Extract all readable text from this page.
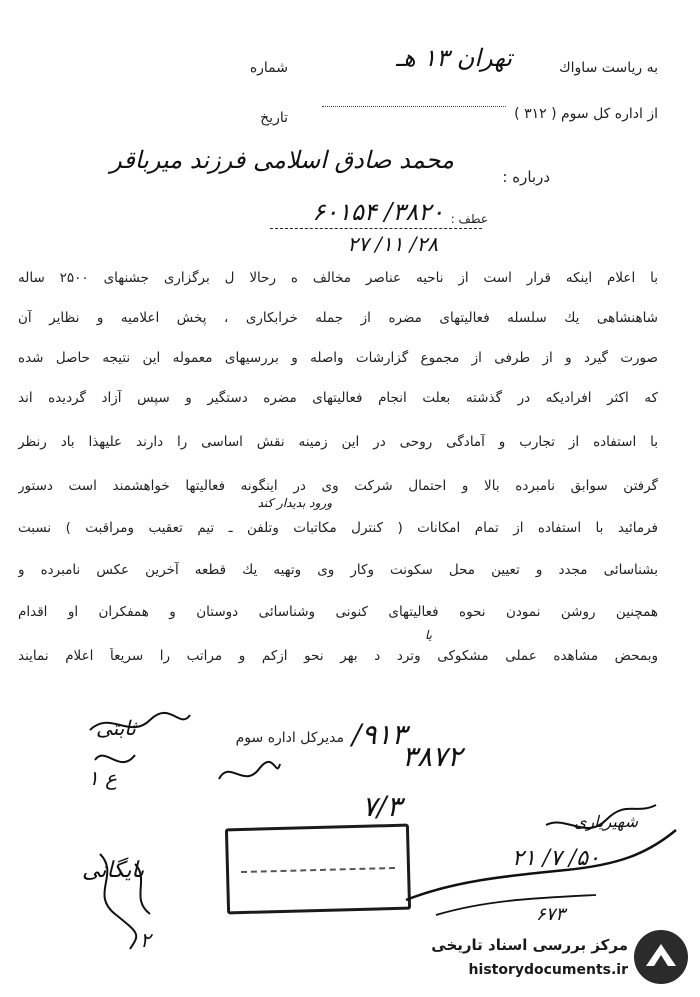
به ریاست ساواك
تهران ۱۳ هـ
شماره
از اداره کل سوم ( ۳۱۲ )
تاریخ
درباره :
محمد صادق اسلامی فرزند میرباقر
عطف :
۳۸۲۰/ ۶۰۱۵۴
۲۸/ ۱۱/ ۲۷
با اعلام اینکه قرار است از ناحیه عناصر مخالف ه رحالا ل برگزاری جشنهای ۲۵۰۰ ساله
شاهنشاهی یك سلسله فعالیتهای مضره از جمله خرابکاری ، پخش اعلامیه و نظایر آن
صورت گیرد و از طرفی از مجموع گزارشات واصله و بررسیهای معموله این نتیجه حاصل شده
که اکثر افرادیکه در گذشته بعلت انجام فعالیتهای مضره دستگیر و سپس آزاد گردیده اند
با استفاده از تجارب و آمادگی روحی در این زمینه نقش اساسی را دارند علیهذا باد رنظر
گرفتن سوابق نامبرده بالا و احتمال شرکت وی در اینگونه فعالیتها خواهشمند است دستور
ورود بدیدار کند
فرمائید با استفاده از تمام امکانات ( کنترل مکاتبات وتلفن ـ تیم تعقیب ومراقبت ) نسبت
بشناسائی مجدد و تعیین محل سکونت وکار وی وتهیه یك قطعه آخرین عکس نامبرده و
همچنین روشن نمودن نحوه فعالیتهای کنونی وشناسائی دوستان و همفکران او اقدام
یا
وبمحض مشاهده عملی مشکوکی وترد د بهر نحو ازکم و مراتب را سریعاً اعلام نمایند
مدیرکل اداره سوم
ثابتی
ع ۱
۹۱۳/
۳۸۷۲
۷/۳	شهیریاری
۵۰/ ۷/ ۲۱
۶۷۳
بایگانی
۲	مرکز بررسی اسناد تاریخی
historydocuments.ir
